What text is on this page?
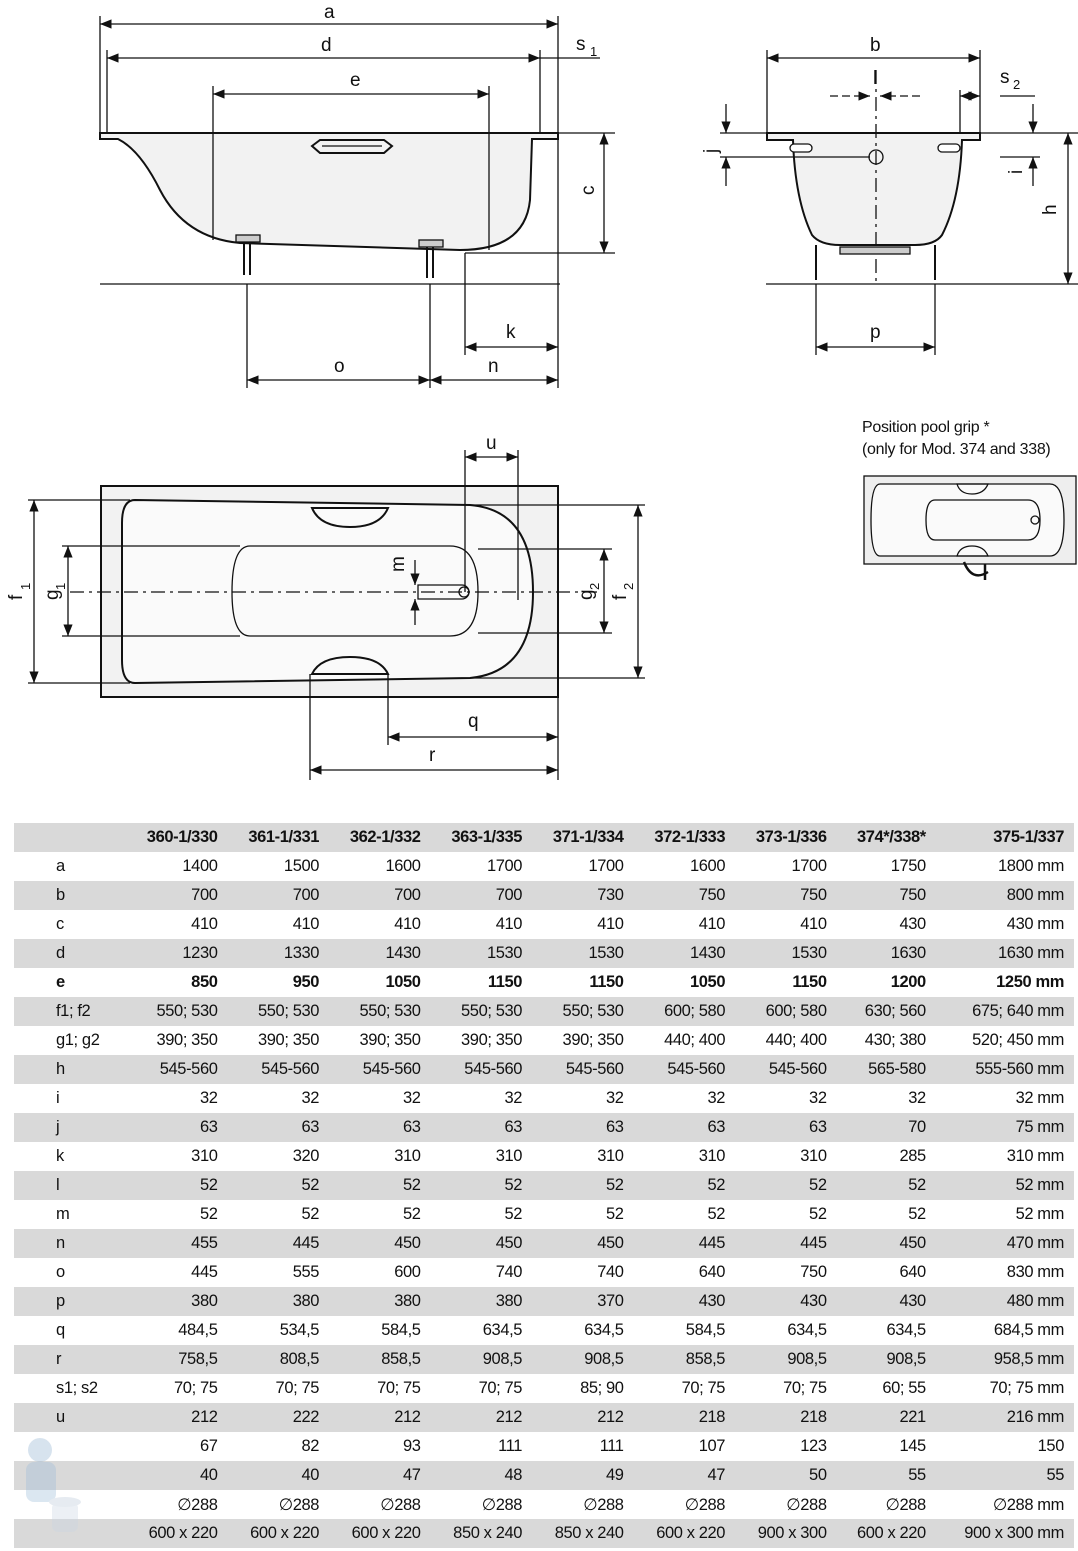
a
d
e
s 1
c
k
o	n
b
l	s 2
j
i
h
p
u
m
f
1
g
1
g
2
f
2
q
r
Position pool grip *
(only for Mod. 374 and 338)
	360-1/330	361-1/331	362-1/332	363-1/335	371-1/334	372-1/333	373-1/336	374*/338*	375-1/337
a	1400	1500	1600	1700	1700	1600	1700	1750	1800 mm
b	700	700	700	700	730	750	750	750	800 mm
c	410	410	410	410	410	410	410	430	430 mm
d	1230	1330	1430	1530	1530	1430	1530	1630	1630 mm
e	850	950	1050	1150	1150	1050	1150	1200	1250 mm
f1; f2	550; 530	550; 530	550; 530	550; 530	550; 530	600; 580	600; 580	630; 560	675; 640 mm
g1; g2	390; 350	390; 350	390; 350	390; 350	390; 350	440; 400	440; 400	430; 380	520; 450 mm
h	545-560	545-560	545-560	545-560	545-560	545-560	545-560	565-580	555-560 mm
i	32	32	32	32	32	32	32	32	32 mm
j	63	63	63	63	63	63	63	70	75 mm
k	310	320	310	310	310	310	310	285	310 mm
l	52	52	52	52	52	52	52	52	52 mm
m	52	52	52	52	52	52	52	52	52 mm
n	455	445	450	450	450	445	445	450	470 mm
o	445	555	600	740	740	640	750	640	830 mm
p	380	380	380	380	370	430	430	430	480 mm
q	484,5	534,5	584,5	634,5	634,5	584,5	634,5	634,5	684,5 mm
r	758,5	808,5	858,5	908,5	908,5	858,5	908,5	908,5	958,5 mm
s1; s2	70; 75	70; 75	70; 75	70; 75	85; 90	70; 75	70; 75	60; 55	70; 75 mm
u	212	222	212	212	212	218	218	221	216 mm
	67	82	93	111	111	107	123	145	150
	40	40	47	48	49	47	50	55	55
	∅288	∅288	∅288	∅288	∅288	∅288	∅288	∅288	∅288 mm
	600 x 220	600 x 220	600 x 220	850 x 240	850 x 240	600 x 220	900 x 300	600 x 220	900 x 300 mm
